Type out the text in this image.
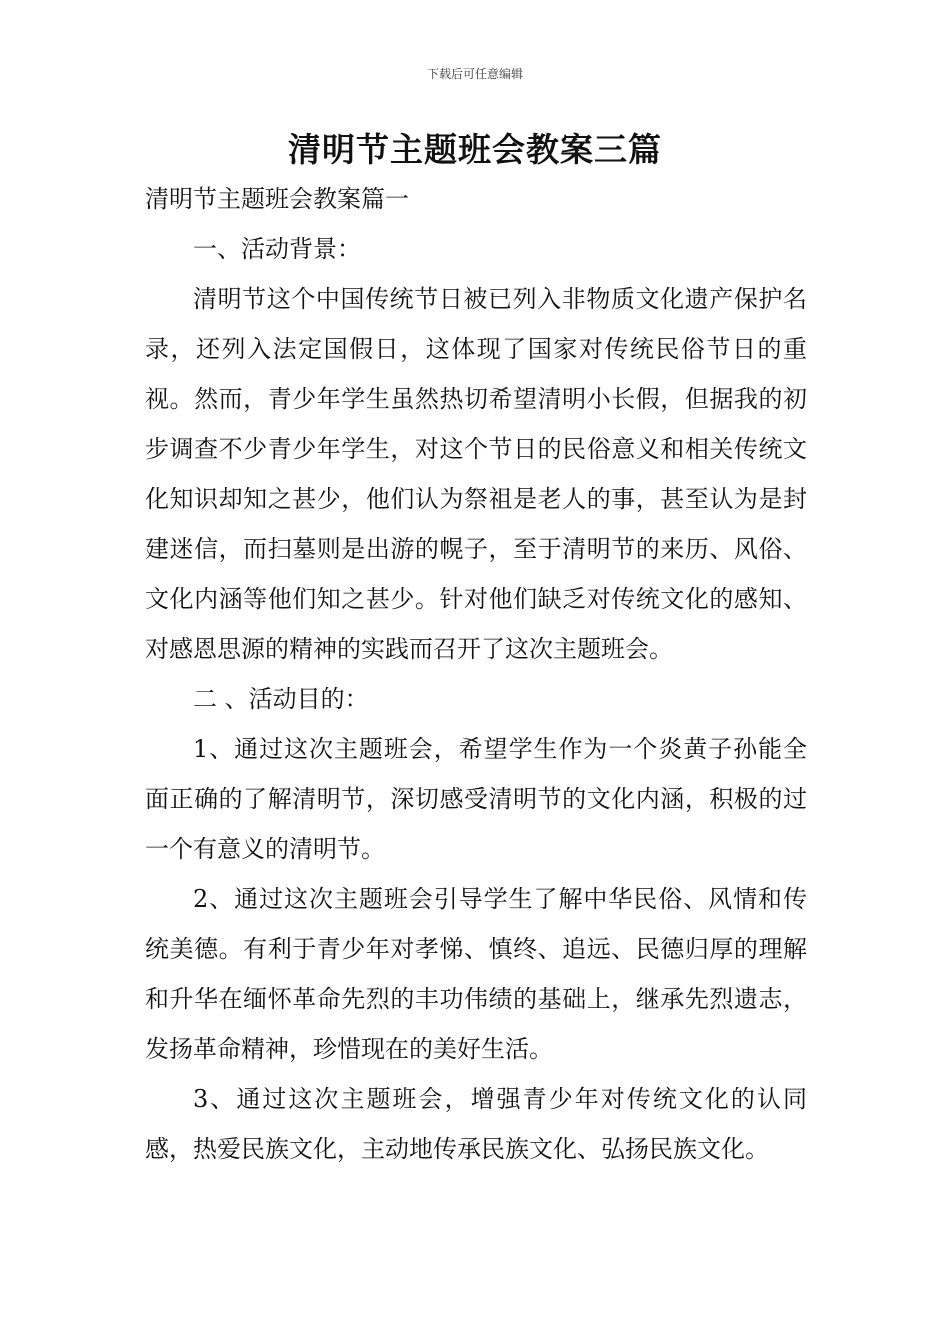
下载后可任意编辑
清明节主题班会教案三篇

清明节主题班会教案篇一

一、活动背景：

清明节这个中国传统节日被已列入非物质文化遗产保护名录，还列入法定国假日，这体现了国家对传统民俗节日的重视。然而，青少年学生虽然热切希望清明小长假，但据我的初步调查不少青少年学生，对这个节日的民俗意义和相关传统文化知识却知之甚少，他们认为祭祖是老人的事，甚至认为是封建迷信，而扫墓则是出游的幌子，至于清明节的来历、风俗、文化内涵等他们知之甚少。针对他们缺乏对传统文化的感知、对感恩思源的精神的实践而召开了这次主题班会。

二 、活动目的：

1、通过这次主题班会，希望学生作为一个炎黄子孙能全面正确的了解清明节，深切感受清明节的文化内涵，积极的过一个有意义的清明节。

2、通过这次主题班会引导学生了解中华民俗、风情和传统美德。有利于青少年对孝悌、慎终、追远、民德归厚的理解和升华在缅怀革命先烈的丰功伟绩的基础上，继承先烈遗志，发扬革命精神，珍惜现在的美好生活。

3、通过这次主题班会，增强青少年对传统文化的认同感，热爱民族文化，主动地传承民族文化、弘扬民族文化。
